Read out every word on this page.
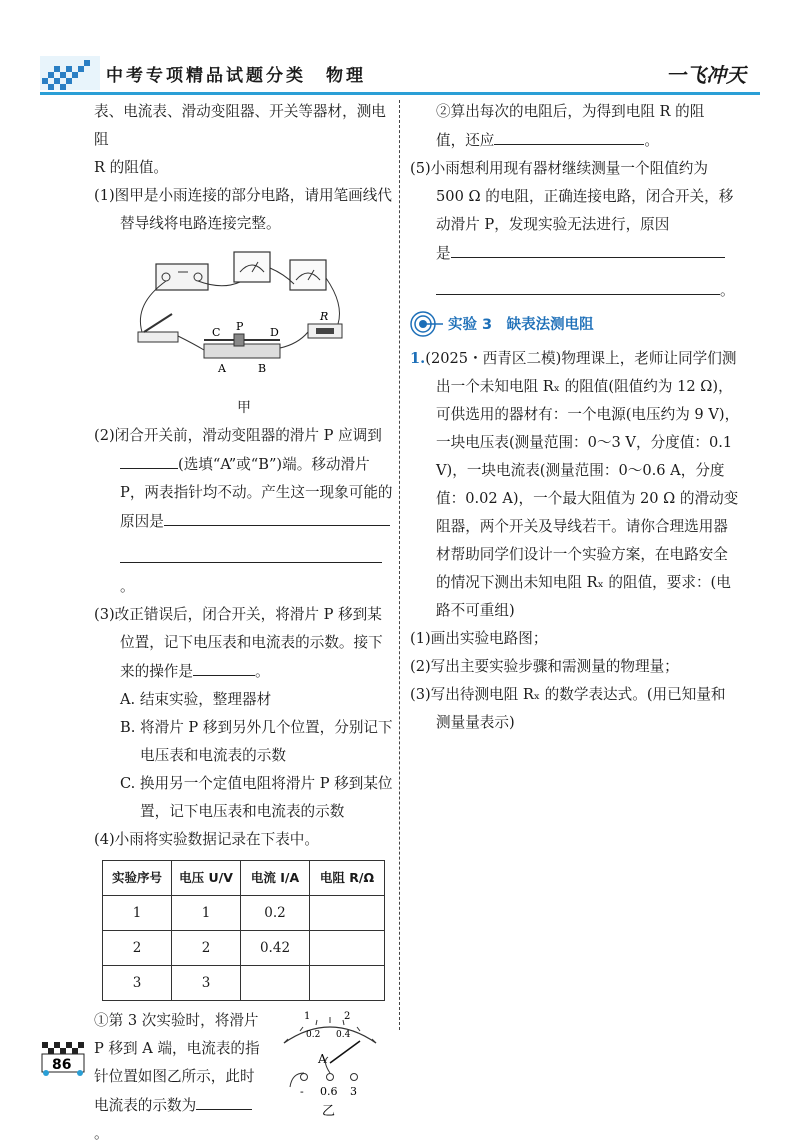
中考专项精品试题分类　物理	一飞冲天

表、电流表、滑动变阻器、开关等器材，测电阻

R 的阻值。

(1)图甲是小雨连接的部分电路，请用笔画线代替导线将电路连接完整。

C P D
A	B
R
甲

(2)闭合开关前，滑动变阻器的滑片 P 应调到

(选填“A”或“B”)端。移动滑片

P，两表指针均不动。产生这一现象可能的

原因是

。

(3)改正错误后，闭合开关，将滑片 P 移到某位置，记下电压表和电流表的示数。接下来的操作是	。

A. 结束实验，整理器材

B. 将滑片 P 移到另外几个位置，分别记下电压表和电流表的示数

C. 换用另一个定值电阻将滑片 P 移到某位置，记下电压表和电流表的示数

(4)小雨将实验数据记录在下表中。

实验序号	电压 U/V	电流 I/A	电阻 R/Ω
1	1	0.2	
2	2	0.42	
3	3		

①第 3 次实验时，将滑片 P 移到 A 端，电流表的指针位置如图乙所示，此时电流表的示数为。

1	2
0.2 0.4
A
- 0.6 3
乙

②算出每次的电阻后，为得到电阻 R 的阻

值，还应	。

(5)小雨想利用现有器材继续测量一个阻值约为 500 Ω 的电阻，正确连接电路，闭合开关，移动滑片 P，发现实验无法进行，原因

是

。
实验 3　缺表法测电阻

1.(2025・西青区二模)物理课上，老师让同学们测出一个未知电阻 Rₓ 的阻值(阻值约为 12 Ω)，可供选用的器材有：一个电源(电压约为 9 V)，一块电压表(测量范围：0～3 V，分度值：0.1 V)，一块电流表(测量范围：0～0.6 A，分度值：0.02 A)，一个最大阻值为 20 Ω 的滑动变阻器，两个开关及导线若干。请你合理选用器材帮助同学们设计一个实验方案，在电路安全的情况下测出未知电阻 Rₓ 的阻值，要求：(电路不可重组)

(1)画出实验电路图；

(2)写出主要实验步骤和需测量的物理量；

(3)写出待测电阻 Rₓ 的数学表达式。(用已知量和测量量表示)

86
